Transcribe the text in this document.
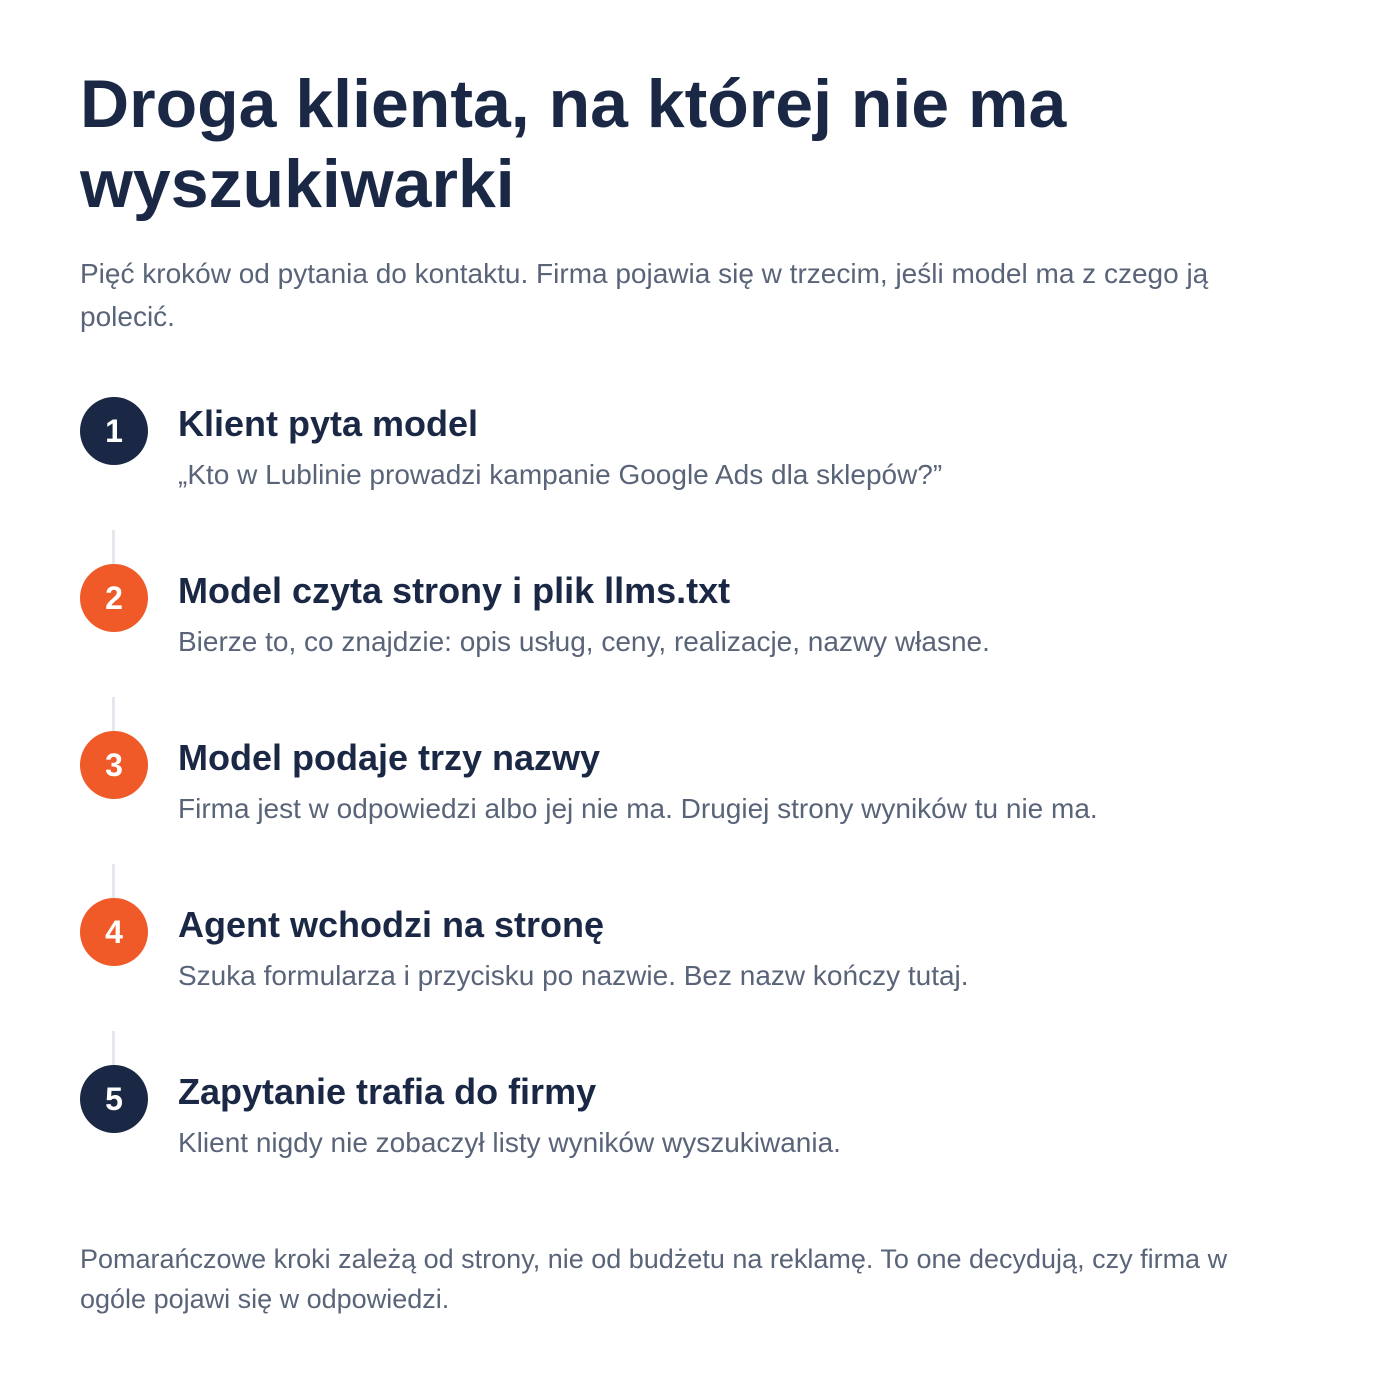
Droga klienta, na której nie ma wyszukiwarki

Pięć kroków od pytania do kontaktu. Firma pojawia się w trzecim, jeśli model ma z czego ją polecić.

1	Klient pyta model
„Kto w Lublinie prowadzi kampanie Google Ads dla sklepów?”
2	Model czyta strony i plik llms.txt
Bierze to, co znajdzie: opis usług, ceny, realizacje, nazwy własne.
3	Model podaje trzy nazwy
Firma jest w odpowiedzi albo jej nie ma. Drugiej strony wyników tu nie ma.
4	Agent wchodzi na stronę
Szuka formularza i przycisku po nazwie. Bez nazw kończy tutaj.
5	Zapytanie trafia do firmy
Klient nigdy nie zobaczył listy wyników wyszukiwania.

Pomarańczowe kroki zależą od strony, nie od budżetu na reklamę. To one decydują, czy firma w ogóle pojawi się w odpowiedzi.
